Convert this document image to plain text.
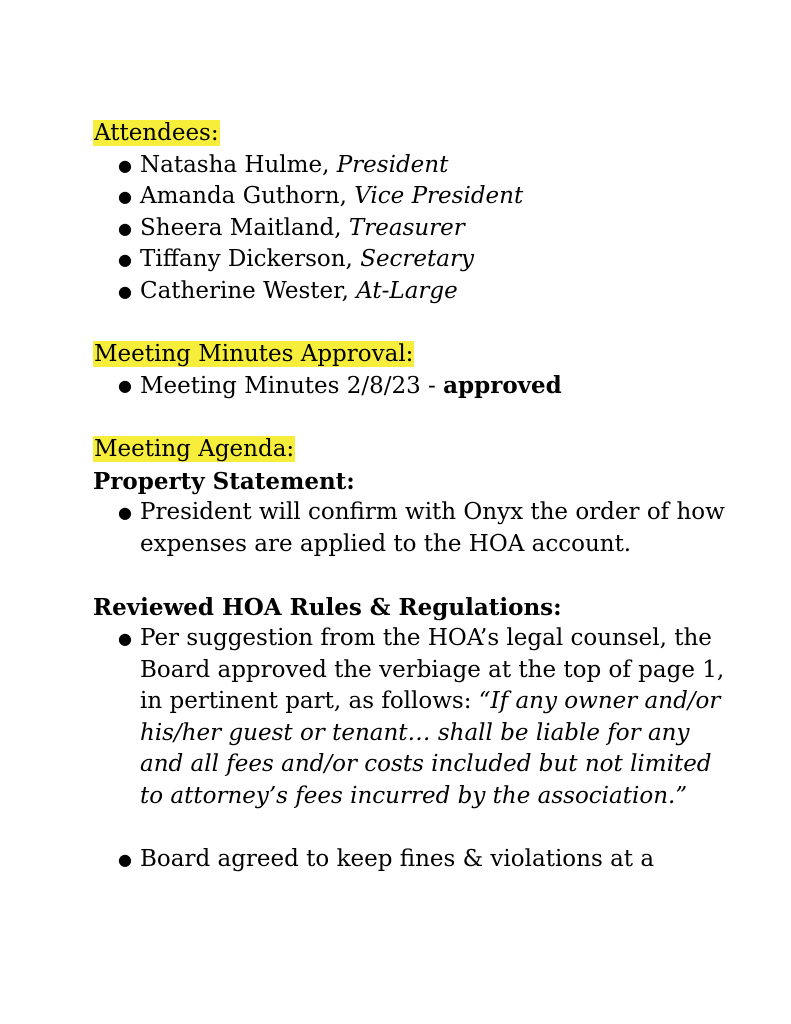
Attendees:
● Natasha Hulme, President
● Amanda Guthorn, Vice President
● Sheera Maitland, Treasurer
● Tiffany Dickerson, Secretary
● Catherine Wester, At-Large
Meeting Minutes Approval:
● Meeting Minutes 2/8/23 - approved
Meeting Agenda:
Property Statement:
● President will confirm with Onyx the order of how expenses are applied to the HOA account.
Reviewed HOA Rules & Regulations:
● Per suggestion from the HOA’s legal counsel, the Board approved the verbiage at the top of page 1, in pertinent part, as follows: “If any owner and/or his/her guest or tenant… shall be liable for any and all fees and/or costs included but not limited to attorney’s fees incurred by the association.”
● Board agreed to keep fines & violations at a
